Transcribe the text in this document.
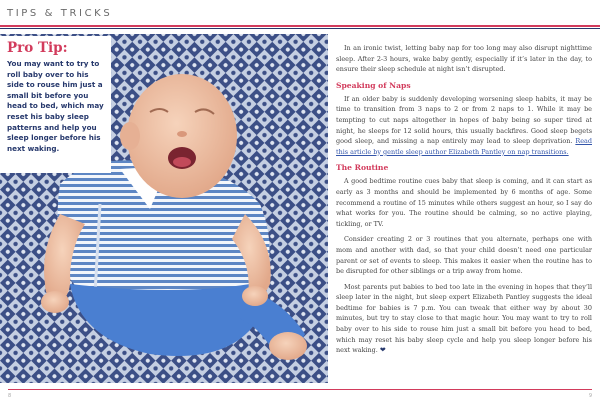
TIPS & TRICKS
Pro Tip:
You may want to try to roll baby over to his side to rouse him just a small bit before you head to bed, which may reset his baby sleep patterns and help you sleep longer before his next waking.

In an ironic twist, letting baby nap for too long may also disrupt nighttime sleep. After 2-3 hours, wake baby gently, especially if it’s later in the day, to ensure their sleep schedule at night isn’t disrupted.

Speaking of Naps

If an older baby is suddenly developing worsening sleep habits, it may be time to transition from 3 naps to 2 or from 2 naps to 1. While it may be tempting to cut naps altogether in hopes of baby being so super tired at night, he sleeps for 12 solid hours, this usually backfires. Good sleep begets good sleep, and missing a nap entirely may lead to sleep deprivation. Read this article by gentle sleep author Elizabeth Pantley on nap transitions.

The Routine

A good bedtime routine cues baby that sleep is coming, and it can start as early as 3 months and should be implemented by 6 months of age. Some recommend a routine of 15 minutes while others suggest an hour, so I say do what works for you. The routine should be calming, so no active playing, tickling, or TV.

Consider creating 2 or 3 routines that you alternate, perhaps one with mom and another with dad, so that your child doesn’t need one particular parent or set of events to sleep. This makes it easier when the routine has to be disrupted for other siblings or a trip away from home.

Most parents put babies to bed too late in the evening in hopes that they’ll sleep later in the night, but sleep expert Elizabeth Pantley suggests the ideal bedtime for babies is 7 p.m. You can tweak that either way by about 30 minutes, but try to stay close to that magic hour. You may want to try to roll baby over to his side to rouse him just a small bit before you head to bed, which may reset his baby sleep cycle and help you sleep longer before his next waking. ❤

8	9
